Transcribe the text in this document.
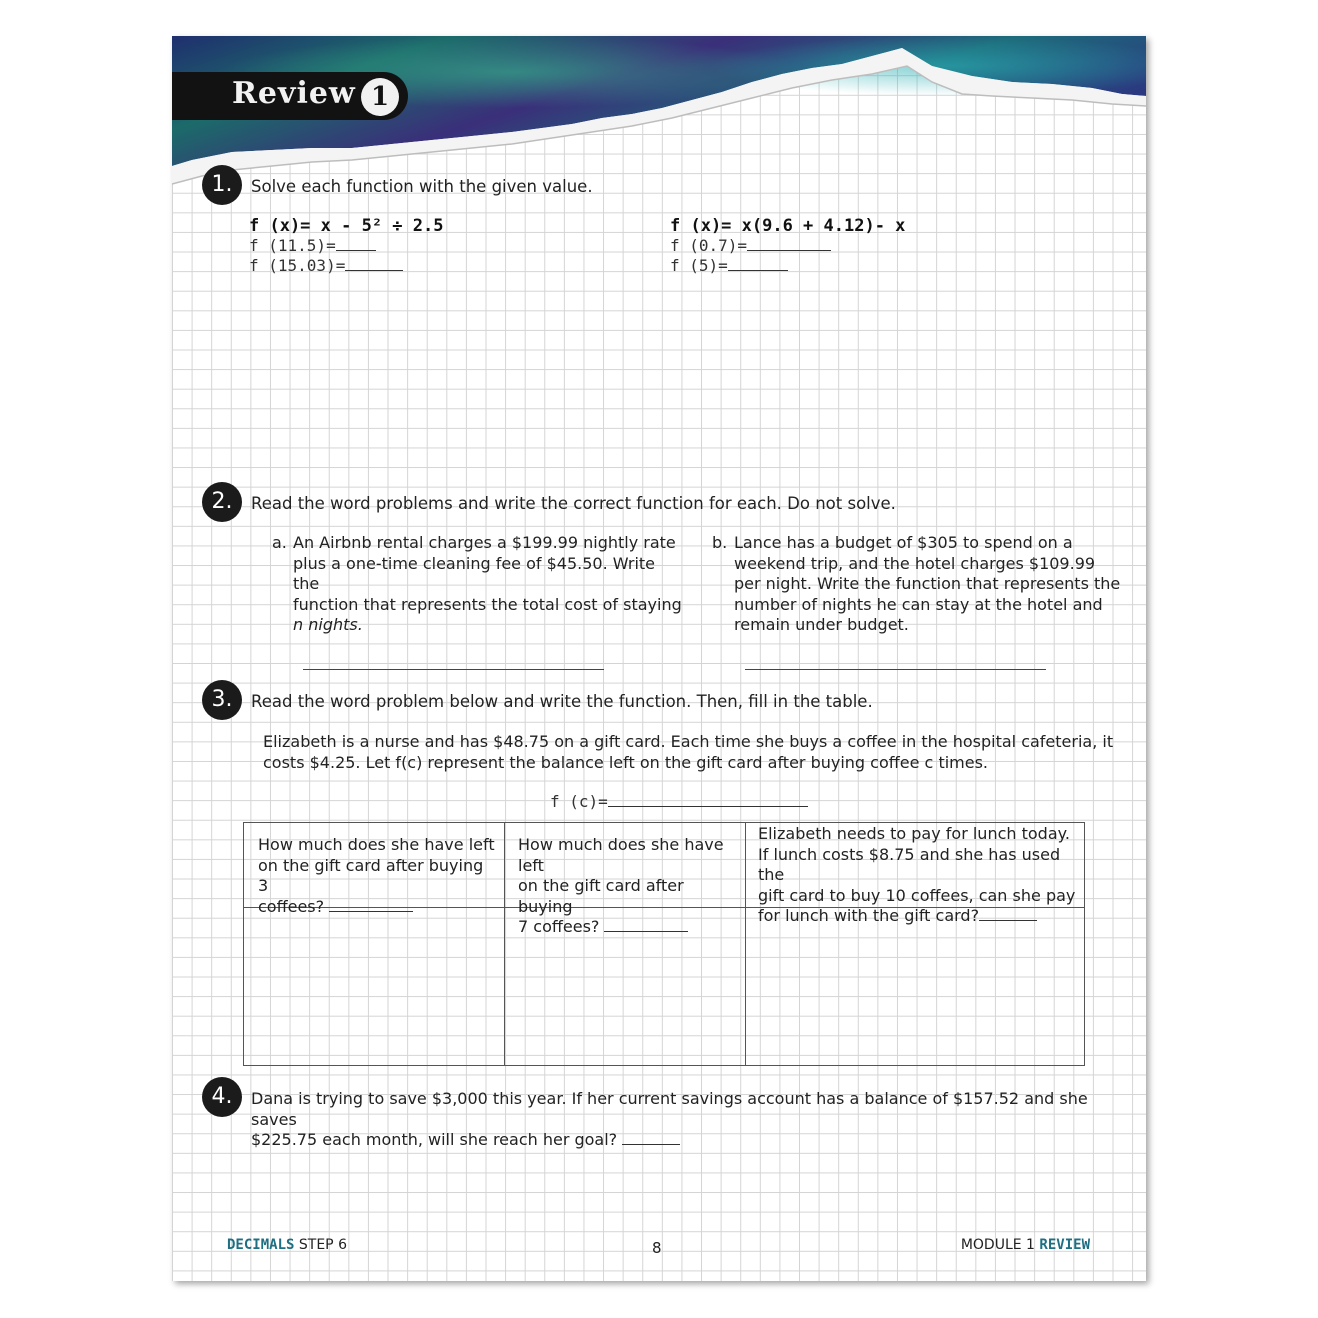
Review 1
1.	Solve each function with the given value.
f (x)= x - 5² ÷ 2.5
f (11.5)=
f (15.03)=
f (x)= x(9.6 + 4.12)- x
f (0.7)=
f (5)=
2.	Read the word problems and write the correct function for each. Do not solve.
a. An Airbnb rental charges a $199.99 nightly rate
plus a one-time cleaning fee of $45.50. Write the
function that represents the total cost of staying
n nights.
b. Lance has a budget of $305 to spend on a
weekend trip, and the hotel charges $109.99
per night. Write the function that represents the
number of nights he can stay at the hotel and
remain under budget.
3.	Read the word problem below and write the function. Then, fill in the table.
Elizabeth is a nurse and has $48.75 on a gift card. Each time she buys a coffee in the hospital cafeteria, it
costs $4.25. Let f(c) represent the balance left on the gift card after buying coffee c times.
f (c)=
How much does she have left
on the gift card after buying 3
coffees?
How much does she have left
on the gift card after buying
7 coffees?
Elizabeth needs to pay for lunch today.
If lunch costs $8.75 and she has used the
gift card to buy 10 coffees, can she pay
for lunch with the gift card?
4.	Dana is trying to save $3,000 this year. If her current savings account has a balance of $157.52 and she saves
$225.75 each month, will she reach her goal?
DECIMALS STEP 6	8	MODULE 1 REVIEW
